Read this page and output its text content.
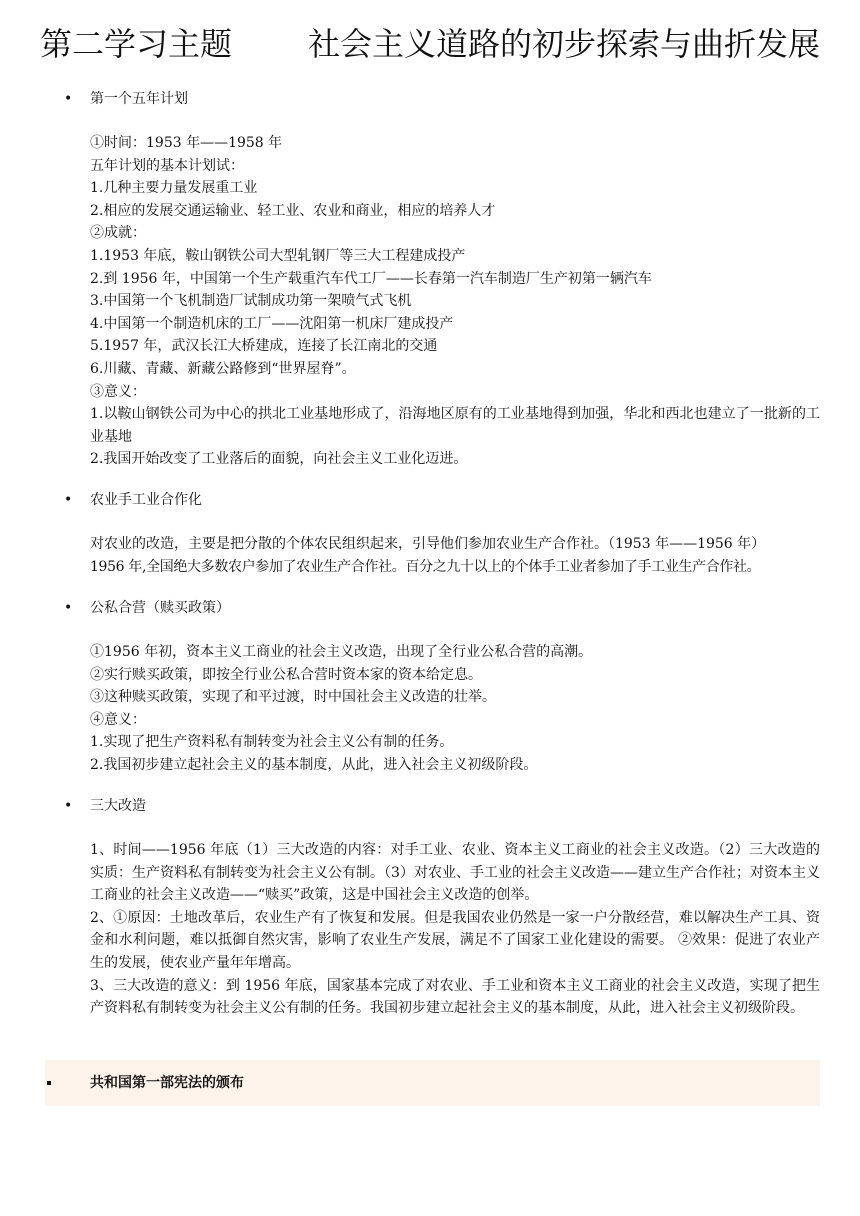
第二学习主题 社会主义道路的初步探索与曲折发展
• 第一个五年计划
①时间：1953 年——1958 年
五年计划的基本计划试：
1.几种主要力量发展重工业
2.相应的发展交通运输业、轻工业、农业和商业，相应的培养人才
②成就：
1.1953 年底，鞍山钢铁公司大型轧钢厂等三大工程建成投产
2.到 1956 年，中国第一个生产载重汽车代工厂——长春第一汽车制造厂生产初第一辆汽车
3.中国第一个飞机制造厂试制成功第一架喷气式飞机
4.中国第一个制造机床的工厂——沈阳第一机床厂建成投产
5.1957 年，武汉长江大桥建成，连接了长江南北的交通
6.川藏、青藏、新藏公路修到“世界屋脊”。
③意义：
1.以鞍山钢铁公司为中心的拱北工业基地形成了，沿海地区原有的工业基地得到加强，华北和西北也建立了一批新的工业基地
2.我国开始改变了工业落后的面貌，向社会主义工业化迈进。
• 农业手工业合作化
对农业的改造，主要是把分散的个体农民组织起来，引导他们参加农业生产合作社。（1953 年——1956 年）
1956 年,全国绝大多数农户参加了农业生产合作社。百分之九十以上的个体手工业者参加了手工业生产合作社。
• 公私合营（赎买政策）
①1956 年初，资本主义工商业的社会主义改造，出现了全行业公私合营的高潮。
②实行赎买政策，即按全行业公私合营时资本家的资本给定息。
③这种赎买政策，实现了和平过渡，时中国社会主义改造的壮举。
④意义：
1.实现了把生产资料私有制转变为社会主义公有制的任务。
2.我国初步建立起社会主义的基本制度，从此，进入社会主义初级阶段。
• 三大改造
1、时间——1956 年底（1）三大改造的内容：对手工业、农业、资本主义工商业的社会主义改造。（2）三大改造的实质：生产资料私有制转变为社会主义公有制。（3）对农业、手工业的社会主义改造——建立生产合作社；对资本主义工商业的社会主义改造——“赎买”政策，这是中国社会主义改造的创举。
2、①原因：土地改革后，农业生产有了恢复和发展。但是我国农业仍然是一家一户分散经营，难以解决生产工具、资金和水利问题，难以抵御自然灾害，影响了农业生产发展，满足不了国家工业化建设的需要。 ②效果：促进了农业产生的发展，使农业产量年年增高。
3、三大改造的意义：到 1956 年底，国家基本完成了对农业、手工业和资本主义工商业的社会主义改造，实现了把生产资料私有制转变为社会主义公有制的任务。我国初步建立起社会主义的基本制度，从此，进入社会主义初级阶段。
共和国第一部宪法的颁布
